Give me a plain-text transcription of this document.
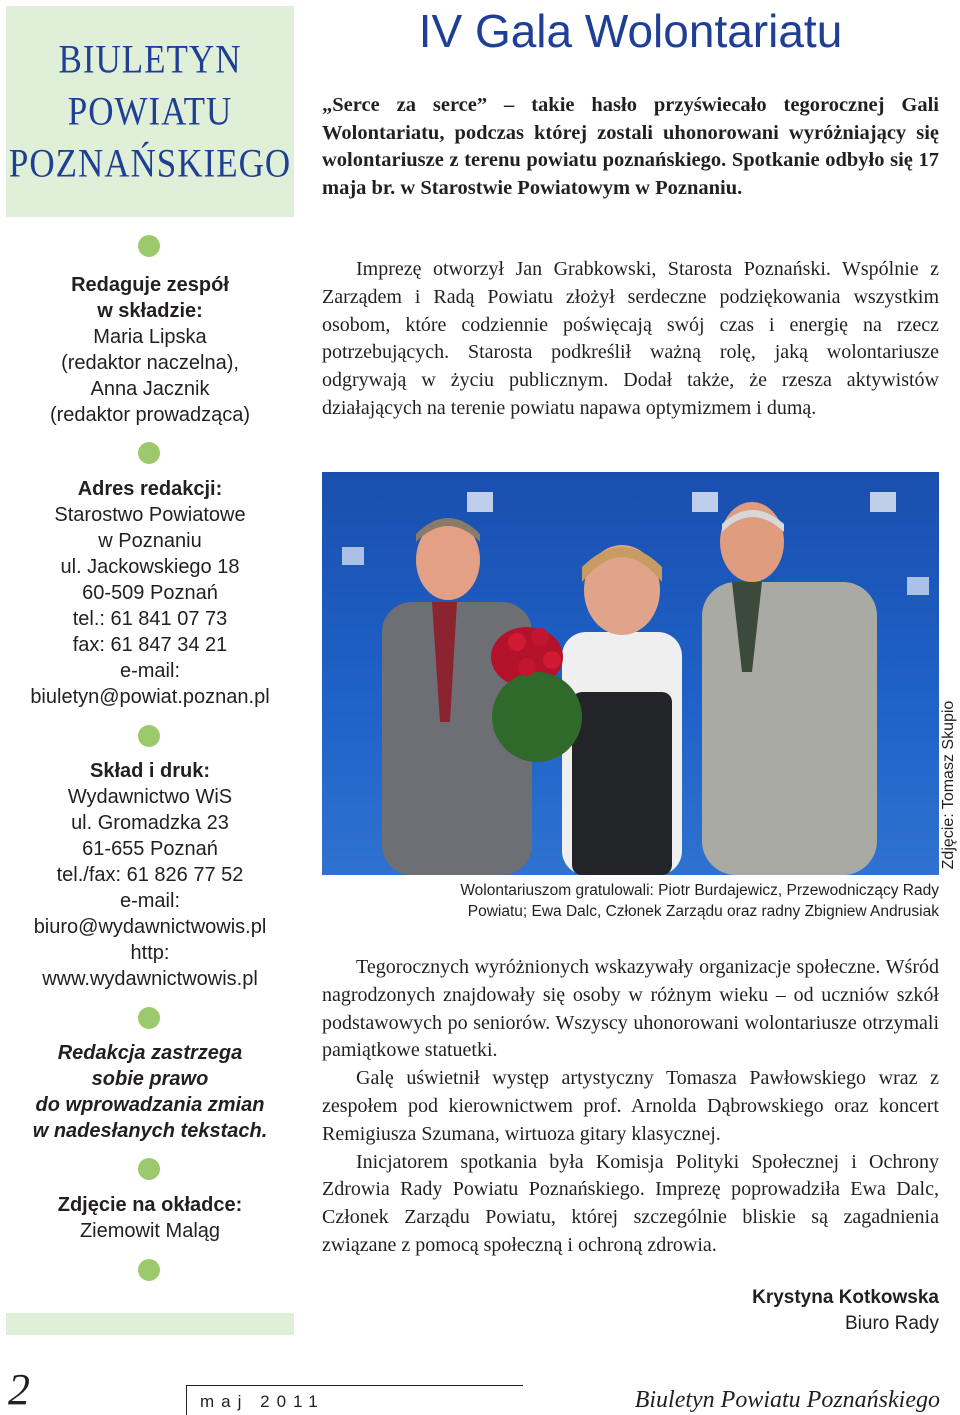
BIULETYN
POWIATU
POZNAŃSKIEGO
Redaguje zespół
w składzie:
Maria Lipska
(redaktor naczelna),
Anna Jacznik
(redaktor prowadząca)
Adres redakcji:
Starostwo Powiatowe
w Poznaniu
ul. Jackowskiego 18
60-509 Poznań
tel.: 61 841 07 73
fax: 61 847 34 21
e-mail:
biuletyn@powiat.poznan.pl
Skład i druk:
Wydawnictwo WiS
ul. Gromadzka 23
61-655 Poznań
tel./fax: 61 826 77 52
e-mail:
biuro@wydawnictwowis.pl
http:
www.wydawnictwowis.pl
Redakcja zastrzega
sobie prawo
do wprowadzania zmian
w nadesłanych tekstach.
Zdjęcie na okładce:
Ziemowit Maląg
IV Gala Wolontariatu
„Serce za serce” – takie hasło przyświecało tegorocznej Gali Wolontariatu, podczas której zostali uhonorowani wyróżniający się wolontariusze z terenu powiatu poznańskiego. Spotkanie odbyło się 17 maja br. w Starostwie Powiatowym w Poznaniu.

Imprezę otworzył Jan Grabkowski, Starosta Poznański. Wspólnie z Zarządem i Radą Powiatu złożył serdeczne podziękowania wszystkim osobom, które codziennie poświęcają swój czas i energię na rzecz potrzebujących. Starosta podkreślił ważną rolę, jaką wolontariusze odgrywają w życiu publicznym. Dodał także, że rzesza aktywistów działających na terenie powiatu napawa optymizmem i dumą.

Zdjęcie: Tomasz Skupio
Wolontariuszom gratulowali: Piotr Burdajewicz, Przewodniczący Rady
Powiatu; Ewa Dalc, Członek Zarządu oraz radny Zbigniew Andrusiak

Tegorocznych wyróżnionych wskazywały organizacje społeczne. Wśród nagrodzonych znajdowały się osoby w różnym wieku – od uczniów szkół podstawowych po seniorów. Wszyscy uhonorowani wolontariusze otrzymali pamiątkowe statuetki.

Galę uświetnił występ artystyczny Tomasza Pawłowskiego wraz z zespołem pod kierownictwem prof. Arnolda Dąbrowskiego oraz koncert Remigiusza Szumana, wirtuoza gitary klasycznej.

Inicjatorem spotkania była Komisja Polityki Społecznej i Ochrony Zdrowia Rady Powiatu Poznańskiego. Imprezę poprowadziła Ewa Dalc, Członek Zarządu Powiatu, której szczególnie bliskie są zagadnienia związane z pomocą społeczną i ochroną zdrowia.

Krystyna Kotkowska
Biuro Rady
2	maj 2011	Biuletyn Powiatu Poznańskiego
